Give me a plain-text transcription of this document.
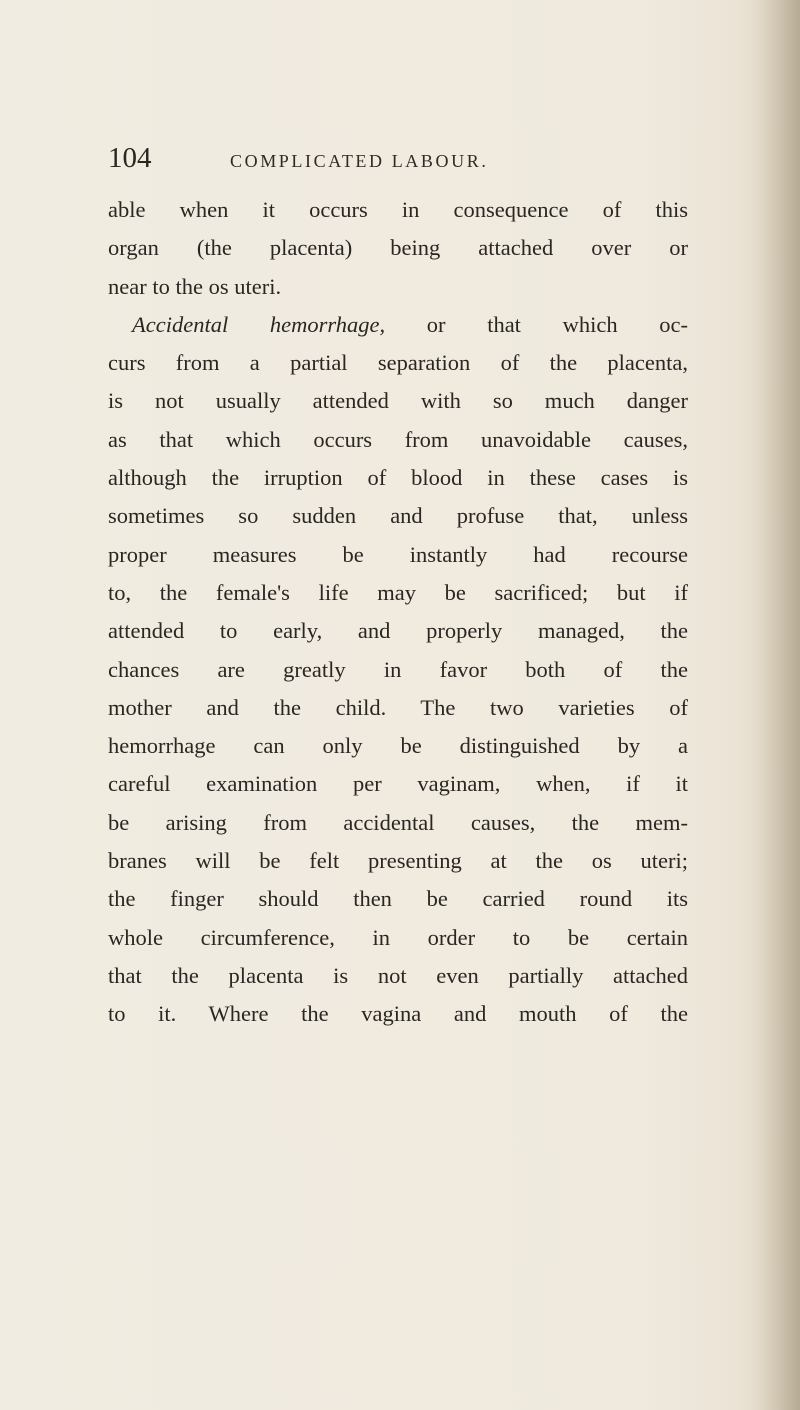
104	COMPLICATED LABOUR.
able when it occurs in consequence of this
organ (the placenta) being attached over or
near to the os uteri.
Accidental hemorrhage, or that which oc-
curs from a partial separation of the placenta,
is not usually attended with so much danger
as that which occurs from unavoidable causes,
although the irruption of blood in these cases is
sometimes so sudden and profuse that, unless
proper measures be instantly had recourse
to, the female's life may be sacrificed; but if
attended to early, and properly managed, the
chances are greatly in favor both of the
mother and the child. The two varieties of
hemorrhage can only be distinguished by a
careful examination per vaginam, when, if it
be arising from accidental causes, the mem-
branes will be felt presenting at the os uteri;
the finger should then be carried round its
whole circumference, in order to be certain
that the placenta is not even partially attached
to it. Where the vagina and mouth of the
